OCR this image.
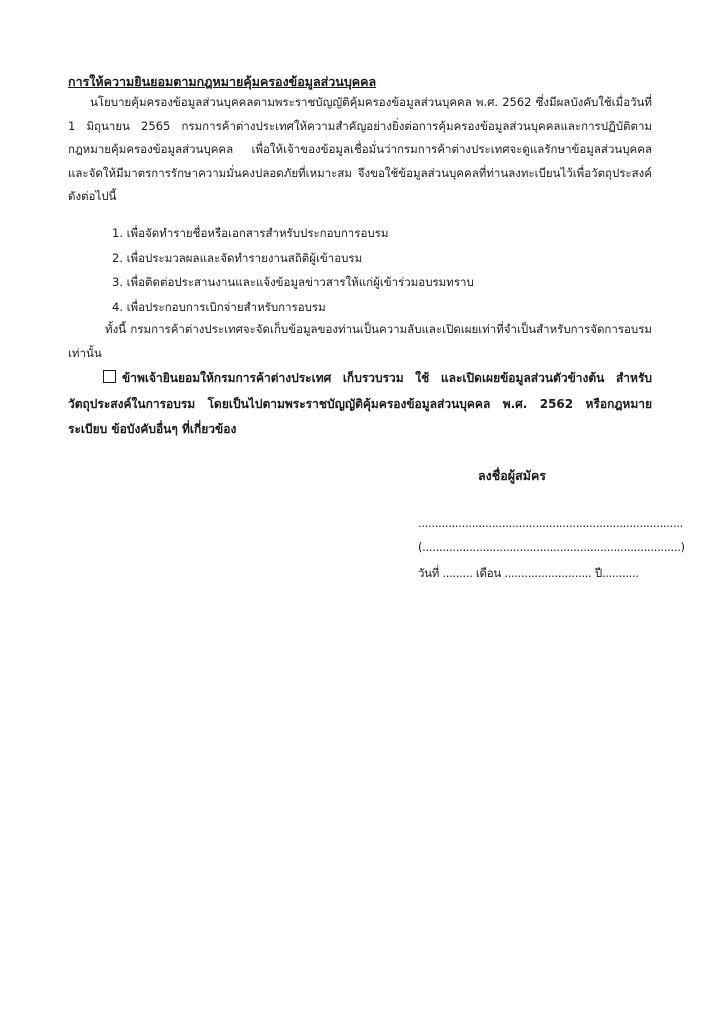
การให้ความยินยอมตามกฎหมายคุ้มครองข้อมูลส่วนบุคคล
นโยบายคุ้มครองข้อมูลส่วนบุคคลตามพระราชบัญญัติคุ้มครองข้อมูลส่วนบุคคล พ.ศ. 2562 ซึ่งมีผลบังคับใช้เมื่อวันที่ 1 มิถุนายน 2565 กรมการค้าต่างประเทศให้ความสำคัญอย่างยิ่งต่อการคุ้มครองข้อมูลส่วนบุคคลและการปฏิบัติตามกฎหมายคุ้มครองข้อมูลส่วนบุคคล เพื่อให้เจ้าของข้อมูลเชื่อมั่นว่ากรมการค้าต่างประเทศจะดูแลรักษาข้อมูลส่วนบุคคลและจัดให้มีมาตรการรักษาความมั่นคงปลอดภัยที่เหมาะสม จึงขอใช้ข้อมูลส่วนบุคคลที่ท่านลงทะเบียนไว้เพื่อวัตถุประสงค์ ดังต่อไปนี้
1. เพื่อจัดทำรายชื่อหรือเอกสารสำหรับประกอบการอบรม
2. เพื่อประมวลผลและจัดทำรายงานสถิติผู้เข้าอบรม
3. เพื่อติดต่อประสานงานและแจ้งข้อมูลข่าวสารให้แก่ผู้เข้าร่วมอบรมทราบ
4. เพื่อประกอบการเบิกจ่ายสำหรับการอบรม
ทั้งนี้ กรมการค้าต่างประเทศจะจัดเก็บข้อมูลของท่านเป็นความลับและเปิดเผยเท่าที่จำเป็นสำหรับการจัดการอบรมเท่านั้น
ข้าพเจ้ายินยอมให้กรมการค้าต่างประเทศ เก็บรวบรวม ใช้ และเปิดเผยข้อมูลส่วนตัวข้างต้น สำหรับวัตถุประสงค์ในการอบรม โดยเป็นไปตามพระราชบัญญัติคุ้มครองข้อมูลส่วนบุคคล พ.ศ. 2562 หรือกฎหมาย ระเบียบ ข้อบังคับอื่นๆ ที่เกี่ยวข้อง
ลงชื่อผู้สมัคร
...............................................................................
(.............................................................................)
วันที่ ......... เดือน .......................... ปี...........
